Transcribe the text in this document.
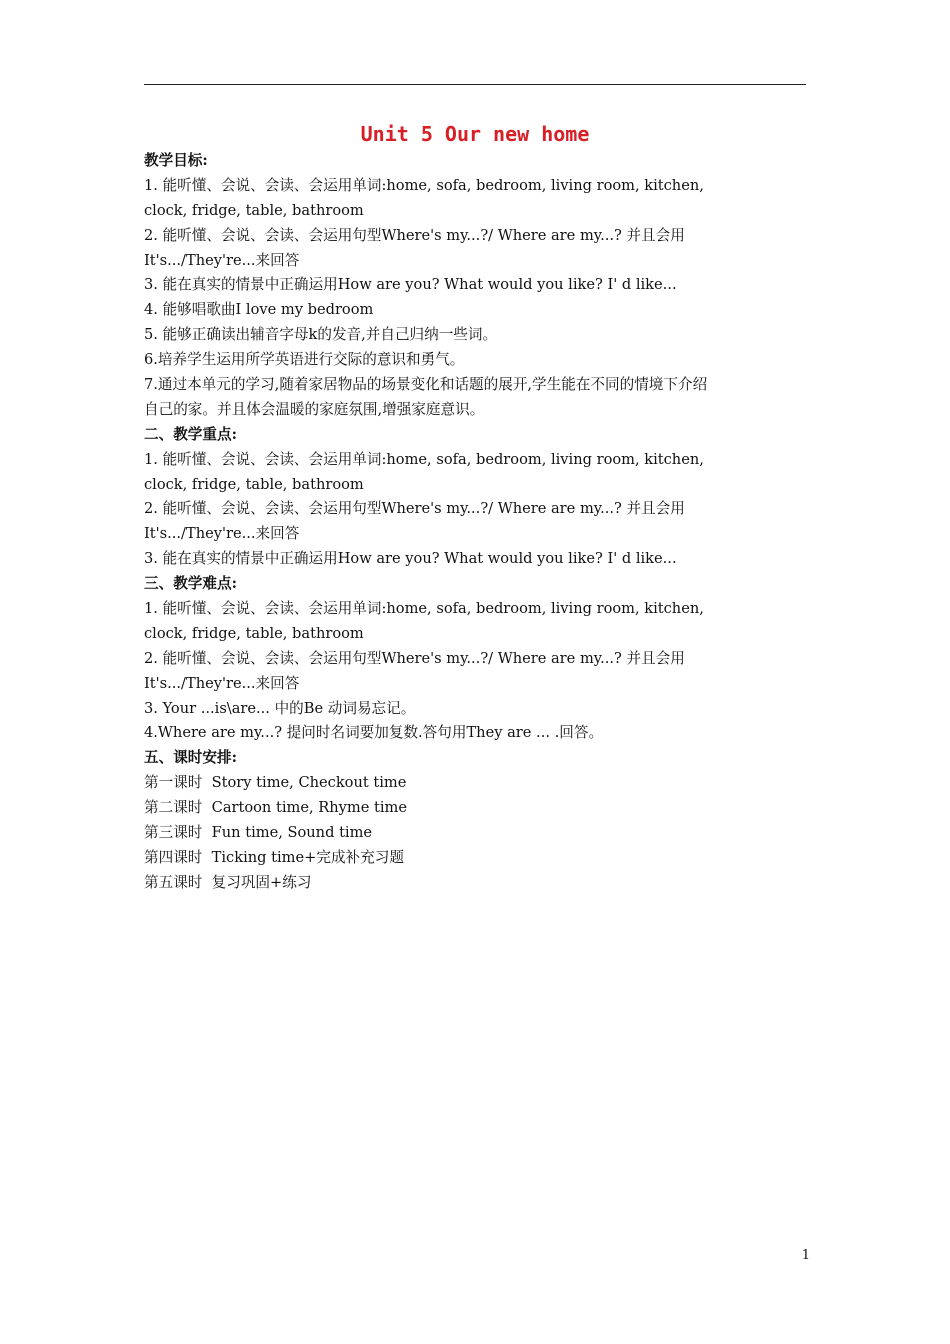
Unit 5 Our new home
教学目标:
1. 能听懂、会说、会读、会运用单词:home, sofa, bedroom, living room, kitchen,
clock, fridge, table, bathroom
2. 能听懂、会说、会读、会运用句型Where's my...?/ Where are my...? 并且会用
It's.../They're...来回答
3. 能在真实的情景中正确运用How are you? What would you like? I' d like...
4. 能够唱歌曲I love my bedroom
5. 能够正确读出辅音字母k的发音,并自己归纳一些词。
6.培养学生运用所学英语进行交际的意识和勇气。
7.通过本单元的学习,随着家居物品的场景变化和话题的展开,学生能在不同的情境下介绍
自己的家。并且体会温暖的家庭氛围,增强家庭意识。
二、教学重点:
1. 能听懂、会说、会读、会运用单词:home, sofa, bedroom, living room, kitchen,
clock, fridge, table, bathroom
2. 能听懂、会说、会读、会运用句型Where's my...?/ Where are my...? 并且会用
It's.../They're...来回答
3. 能在真实的情景中正确运用How are you? What would you like? I' d like...
三、教学难点:
1. 能听懂、会说、会读、会运用单词:home, sofa, bedroom, living room, kitchen,
clock, fridge, table, bathroom
2. 能听懂、会说、会读、会运用句型Where's my...?/ Where are my...? 并且会用
It's.../They're...来回答
3. Your ...is\are... 中的Be 动词易忘记。
4.Where are my...? 提问时名词要加复数.答句用They are ... .回答。
五、课时安排:
第一课时  Story time, Checkout time
第二课时  Cartoon time, Rhyme time
第三课时  Fun time, Sound time
第四课时  Ticking time+完成补充习题
第五课时  复习巩固+练习
1
